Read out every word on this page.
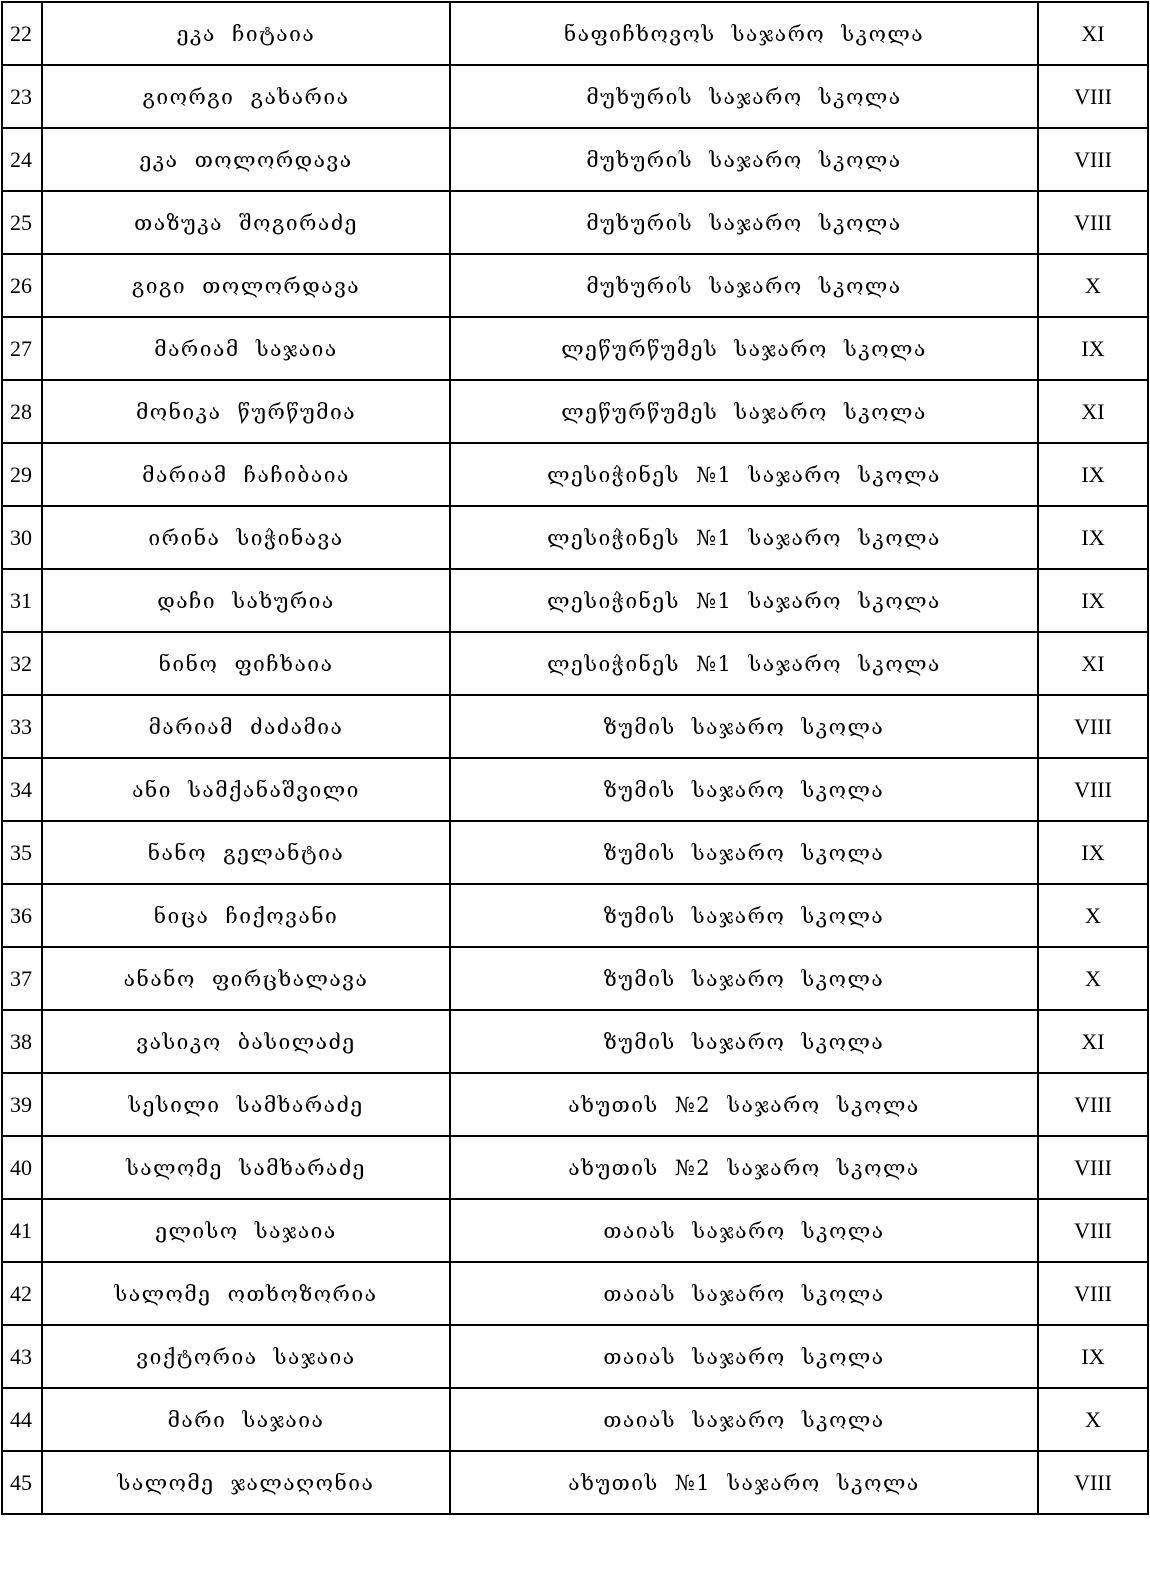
22	ეკა ჩიტაია	ნაფიჩხოვოს საჯარო სკოლა	XI
23	გიორგი გახარია	მუხურის საჯარო სკოლა	VIII
24	ეკა თოლორდავა	მუხურის საჯარო სკოლა	VIII
25	თაზუკა შოგირაძე	მუხურის საჯარო სკოლა	VIII
26	გიგი თოლორდავა	მუხურის საჯარო სკოლა	X
27	მარიამ საჯაია	ლეწურწუმეს საჯარო სკოლა	IX
28	მონიკა წურწუმია	ლეწურწუმეს საჯარო სკოლა	XI
29	მარიამ ჩაჩიბაია	ლესიჭინეს №1 საჯარო სკოლა	IX
30	ირინა სიჭინავა	ლესიჭინეს №1 საჯარო სკოლა	IX
31	დაჩი სახურია	ლესიჭინეს №1 საჯარო სკოლა	IX
32	ნინო ფიჩხაია	ლესიჭინეს №1 საჯარო სკოლა	XI
33	მარიამ ძაძამია	ზუმის საჯარო სკოლა	VIII
34	ანი სამქანაშვილი	ზუმის საჯარო სკოლა	VIII
35	ნანო გელანტია	ზუმის საჯარო სკოლა	IX
36	ნიცა ჩიქოვანი	ზუმის საჯარო სკოლა	X
37	ანანო ფირცხალავა	ზუმის საჯარო სკოლა	X
38	ვასიკო ბასილაძე	ზუმის საჯარო სკოლა	XI
39	სესილი სამხარაძე	ახუთის №2 საჯარო სკოლა	VIII
40	სალომე სამხარაძე	ახუთის №2 საჯარო სკოლა	VIII
41	ელისო საჯაია	თაიას საჯარო სკოლა	VIII
42	სალომე ოთხოზორია	თაიას საჯარო სკოლა	VIII
43	ვიქტორია საჯაია	თაიას საჯარო სკოლა	IX
44	მარი საჯაია	თაიას საჯარო სკოლა	X
45	სალომე ჯალაღონია	ახუთის №1 საჯარო სკოლა	VIII
